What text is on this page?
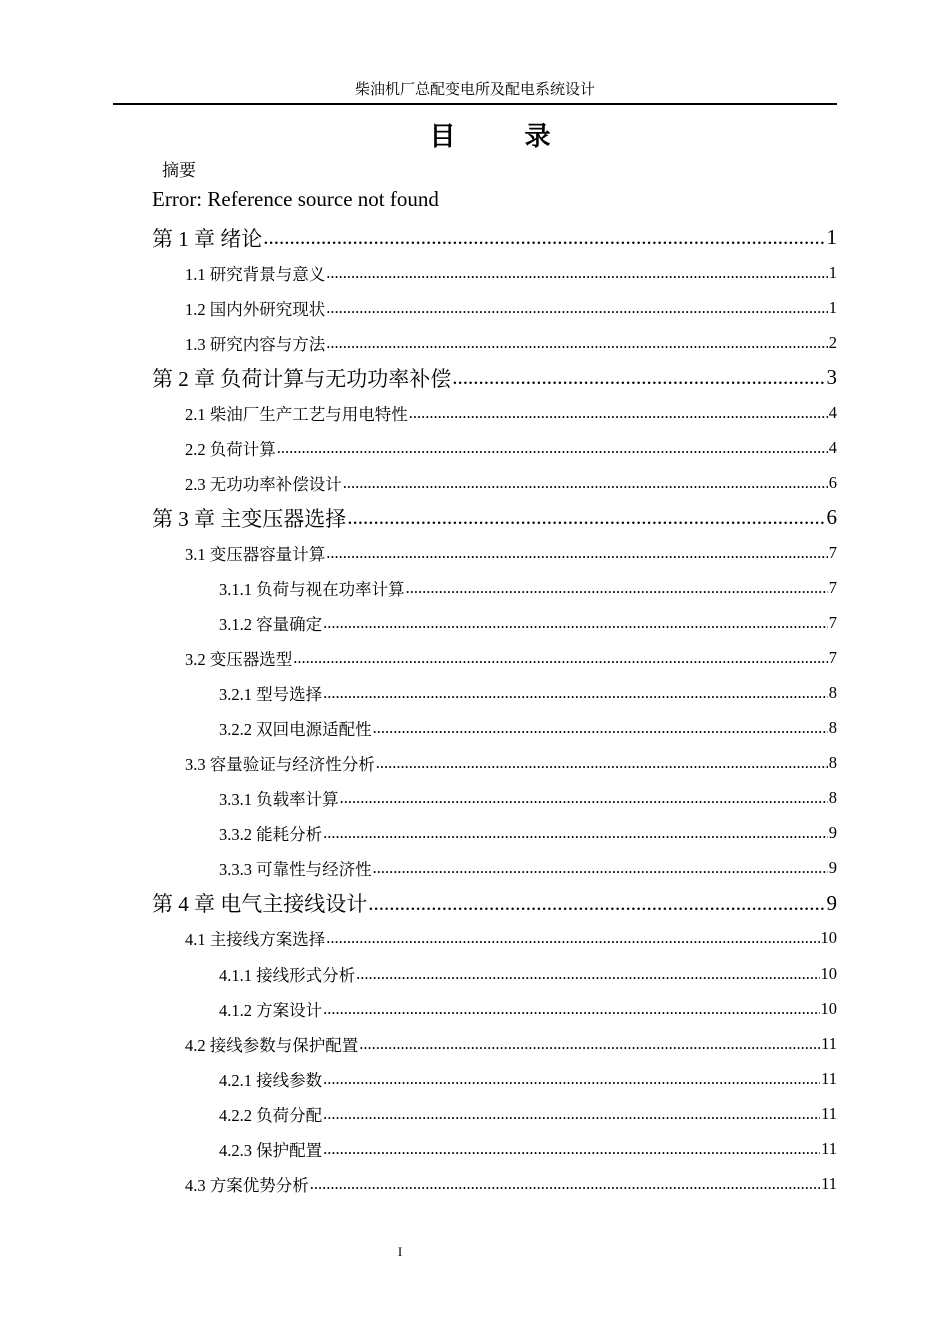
柴油机厂总配变电所及配电系统设计
目 录
摘要
Error: Reference source not found
第 1 章 绪论 .....	1
1.1 研究背景与意义 .....	1
1.2 国内外研究现状 .....	1
1.3 研究内容与方法 .....	2
第 2 章 负荷计算与无功功率补偿 .....	3
2.1 柴油厂生产工艺与用电特性 .....	4
2.2 负荷计算 .....	4
2.3 无功功率补偿设计 .....	6
第 3 章 主变压器选择 .....	6
3.1 变压器容量计算 .....	7
3.1.1 负荷与视在功率计算 .....	7
3.1.2 容量确定 .....	7
3.2 变压器选型 .....	7
3.2.1 型号选择 .....	8
3.2.2 双回电源适配性 .....	8
3.3 容量验证与经济性分析 .....	8
3.3.1 负载率计算 .....	8
3.3.2 能耗分析 .....	9
3.3.3 可靠性与经济性 .....	9
第 4 章 电气主接线设计 .....	9
4.1 主接线方案选择 .....	10
4.1.1 接线形式分析 .....	10
4.1.2 方案设计 .....	10
4.2 接线参数与保护配置 .....	11
4.2.1 接线参数 .....	11
4.2.2 负荷分配 .....	11
4.2.3 保护配置 .....	11
4.3 方案优势分析 .....	11
I
